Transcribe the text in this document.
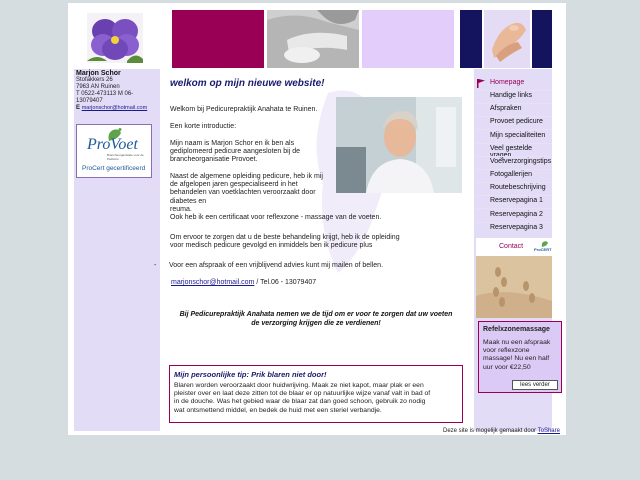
Marjon Schor
Stofakkers 26
7963 AN Ruinen
T 0522-473113 M 06-13079407
E marjonschor@hotmail.com
ProVoet
Brancheorganisatie voor de Pedicure
ProCert gecertificeerd
welkom op mijn nieuwe website!
Welkom bij Pedicurepraktijk Anahata te Ruinen.
Een korte introductie:
Mijn naam is Marjon Schor en ik ben als
gediplomeerd pedicure aangesloten bij de
brancheorganisatie Provoet.
Naast de algemene opleiding pedicure, heb ik mij
de afgelopen jaren gespecialiseerd in het
behandelen van voetklachten veroorzaakt door
diabetes en
reuma.
Ook heb ik een certificaat voor reflexzone - massage van de voeten.
Om ervoor te zorgen dat u de beste behandeling krijgt, heb ik de opleiding
voor medisch pedicure gevolgd en inmiddels ben ik pedicure plus
- Voor een afspraak of een vrijblijvend advies kunt mij mailen of bellen.
marjonschor@hotmail.com / Tel.06 - 13079407
Bij Pedicurepraktijk Anahata nemen we de tijd om er voor te zorgen dat uw voeten
de verzorging krijgen die ze verdienen!
Mijn persoonlijke tip: Prik blaren niet door!
Blaren worden veroorzaakt door huidwrijving. Maak ze niet kapot, maar plak er een
pleister over en laat deze zitten tot de blaar er op natuurlijke wijze vanaf valt in bad of
in de douche. Was het gebied waar de blaar zat dan goed schoon, gebruik zo nodig
wat ontsmettend middel, en bedek de huid met een steriel verbandje.
Homepage
Handige links
Afspraken
Provoet pedicure
Mijn specialiteiten
Veel gestelde
Voetverzorgingstips
Fotogallerijen
Routebeschrijving
Reservepagina 1
Reservepagina 2
Reservepagina 3
Contact	ProCERT
Refelxzonemassage
Maak nu een afspraak
voor reflexzone
massage! Nu een half
uur voor €22,50
lees verder
Deze site is mogelijk gemaakt door ToShare
